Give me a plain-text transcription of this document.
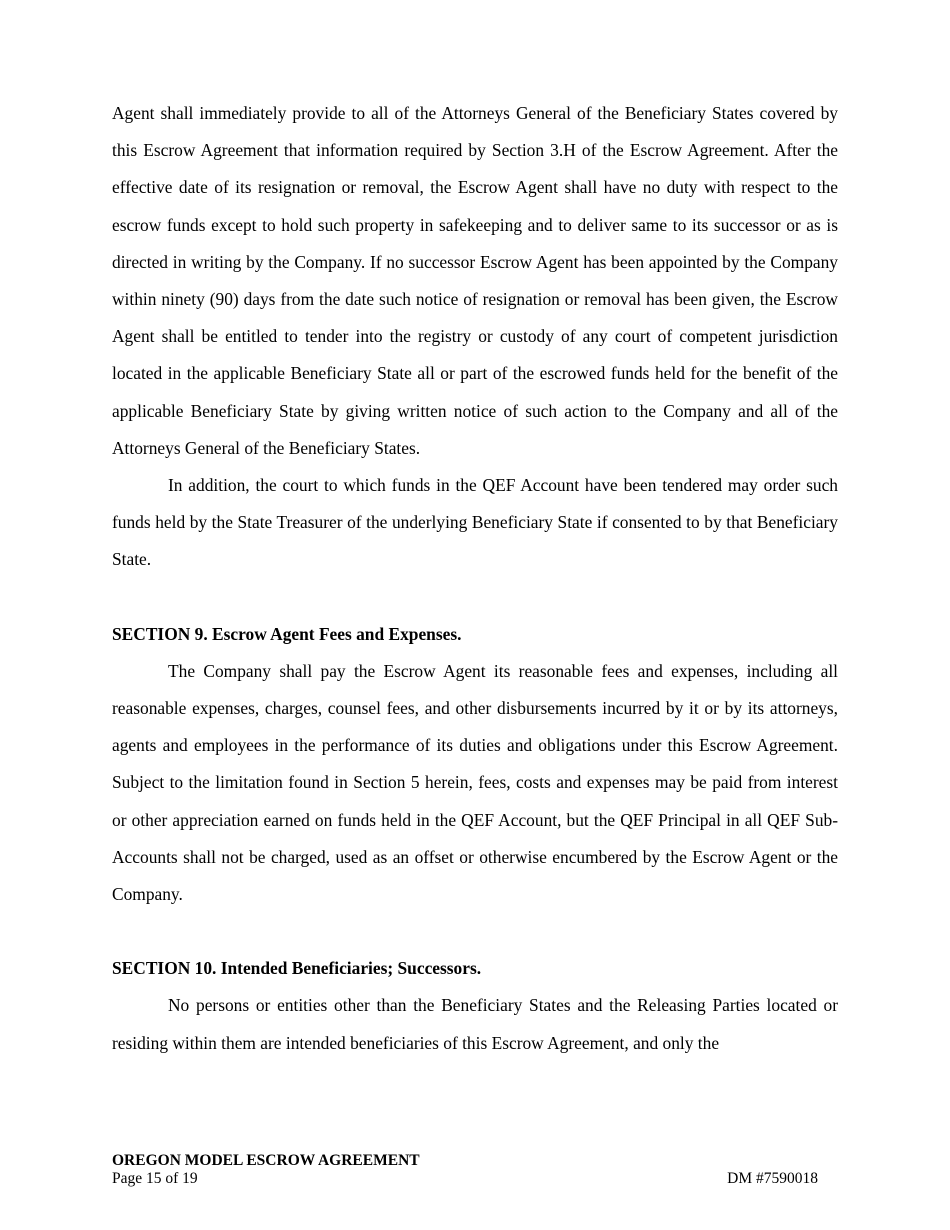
Agent shall immediately provide to all of the Attorneys General of the Beneficiary States covered by this Escrow Agreement that information required by Section 3.H of the Escrow Agreement. After the effective date of its resignation or removal, the Escrow Agent shall have no duty with respect to the escrow funds except to hold such property in safekeeping and to deliver same to its successor or as is directed in writing by the Company. If no successor Escrow Agent has been appointed by the Company within ninety (90) days from the date such notice of resignation or removal has been given, the Escrow Agent shall be entitled to tender into the registry or custody of any court of competent jurisdiction located in the applicable Beneficiary State all or part of the escrowed funds held for the benefit of the applicable Beneficiary State by giving written notice of such action to the Company and all of the Attorneys General of the Beneficiary States.

In addition, the court to which funds in the QEF Account have been tendered may order such funds held by the State Treasurer of the underlying Beneficiary State if consented to by that Beneficiary State.

SECTION 9. Escrow Agent Fees and Expenses.

The Company shall pay the Escrow Agent its reasonable fees and expenses, including all reasonable expenses, charges, counsel fees, and other disbursements incurred by it or by its attorneys, agents and employees in the performance of its duties and obligations under this Escrow Agreement. Subject to the limitation found in Section 5 herein, fees, costs and expenses may be paid from interest or other appreciation earned on funds held in the QEF Account, but the QEF Principal in all QEF Sub-Accounts shall not be charged, used as an offset or otherwise encumbered by the Escrow Agent or the Company.

SECTION 10. Intended Beneficiaries; Successors.

No persons or entities other than the Beneficiary States and the Releasing Parties located or residing within them are intended beneficiaries of this Escrow Agreement, and only the

OREGON MODEL ESCROW AGREEMENT
Page 15 of 19	DM #7590018
